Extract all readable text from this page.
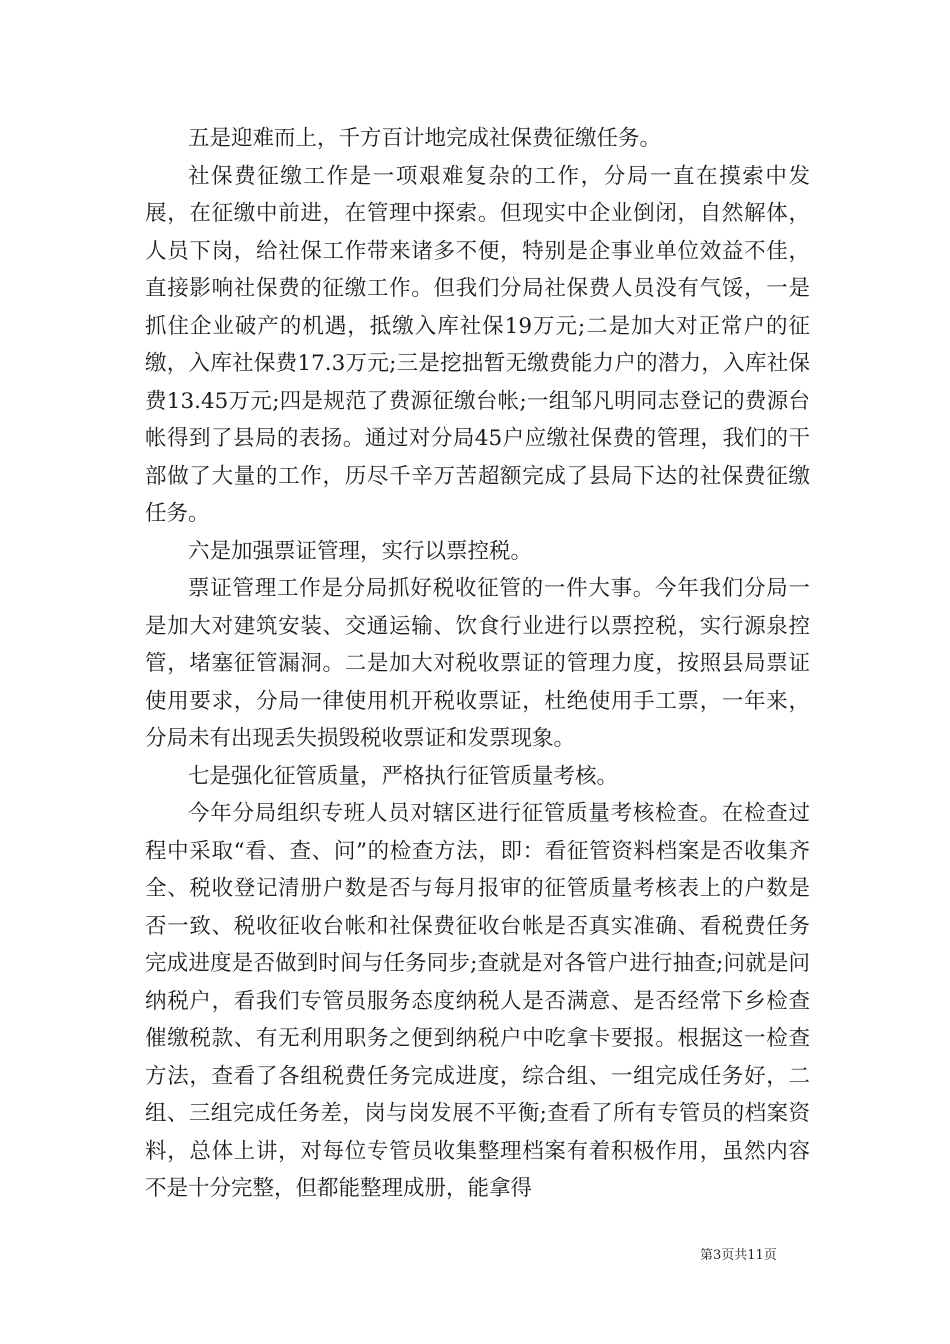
五是迎难而上，千方百计地完成社保费征缴任务。

社保费征缴工作是一项艰难复杂的工作，分局一直在摸索中发展，在征缴中前进，在管理中探索。但现实中企业倒闭，自然解体，人员下岗，给社保工作带来诸多不便，特别是企事业单位效益不佳，直接影响社保费的征缴工作。但我们分局社保费人员没有气馁，一是抓住企业破产的机遇，抵缴入库社保19万元;二是加大对正常户的征缴，入库社保费17.3万元;三是挖拙暂无缴费能力户的潜力，入库社保费13.45万元;四是规范了费源征缴台帐;一组邹凡明同志登记的费源台帐得到了县局的表扬。通过对分局45户应缴社保费的管理，我们的干部做了大量的工作，历尽千辛万苦超额完成了县局下达的社保费征缴任务。

六是加强票证管理，实行以票控税。

票证管理工作是分局抓好税收征管的一件大事。今年我们分局一是加大对建筑安装、交通运输、饮食行业进行以票控税，实行源泉控管，堵塞征管漏洞。二是加大对税收票证的管理力度，按照县局票证使用要求，分局一律使用机开税收票证，杜绝使用手工票，一年来，分局未有出现丢失损毁税收票证和发票现象。

七是强化征管质量，严格执行征管质量考核。

今年分局组织专班人员对辖区进行征管质量考核检查。在检查过程中采取“看、查、问”的检查方法，即：看征管资料档案是否收集齐全、税收登记清册户数是否与每月报审的征管质量考核表上的户数是否一致、税收征收台帐和社保费征收台帐是否真实准确、看税费任务完成进度是否做到时间与任务同步;查就是对各管户进行抽查;问就是问纳税户，看我们专管员服务态度纳税人是否满意、是否经常下乡检查催缴税款、有无利用职务之便到纳税户中吃拿卡要报。根据这一检查方法，查看了各组税费任务完成进度，综合组、一组完成任务好，二组、三组完成任务差，岗与岗发展不平衡;查看了所有专管员的档案资料，总体上讲，对每位专管员收集整理档案有着积极作用，虽然内容不是十分完整，但都能整理成册，能拿得

第3页共11页
